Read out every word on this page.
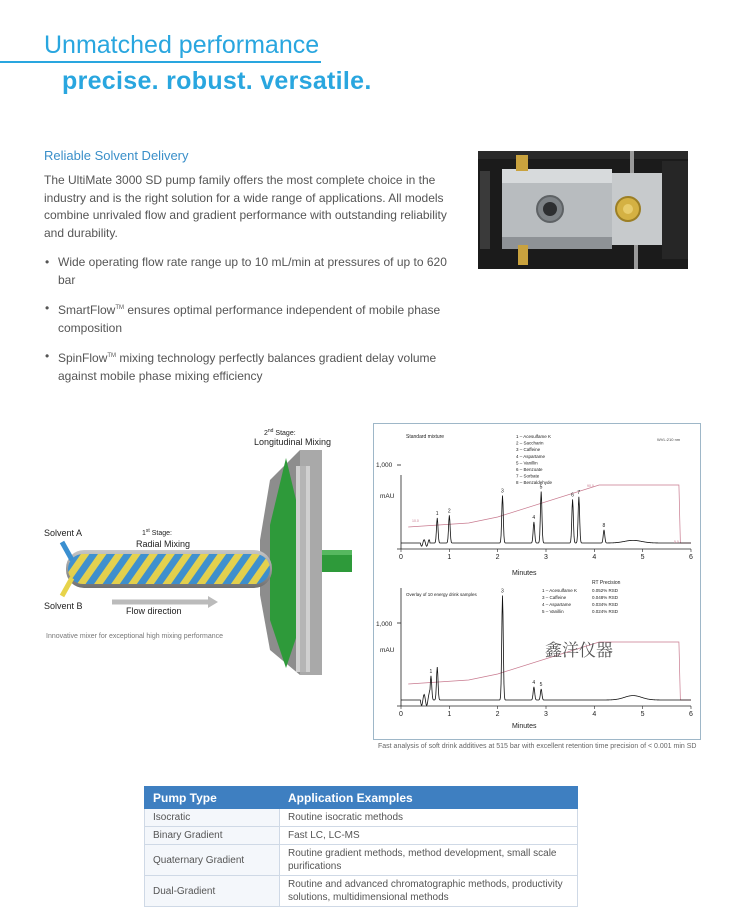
Unmatched performance
precise. robust. versatile.
Reliable Solvent Delivery
The UltiMate 3000 SD pump family offers the most complete choice in the industry and is the right solution for a wide range of applications. All models combine unrivaled flow and gradient performance with outstanding reliability and durability.
• Wide operating flow rate range up to 10 mL/min at pressures of up to 620 bar
• SmartFlow™ ensures optimal performance independent of mobile phase composition
• SpinFlow™ mixing technology perfectly balances gradient delay volume against mobile phase mixing efficiency
2nd Stage:
Longitudinal Mixing
1st Stage:
Radial Mixing
Solvent A
Solvent B	Flow direction
Innovative mixer for exceptional high mixing performance
Standard mixture	WVL:210 nm
1,000
mAU
Minutes
1 – Acesulfame K
2 – Saccharin
3 – Caffeine
4 – Aspartame
5 – Vanillin
6 – Benzoate
7 – Sorbate
8 – Benzaldehyde
0	1	2	3	4	5	6
1 2
3
4
5
6 7
8
90.0
10.0
5.0
Overlay of 10 energy drink samples
RT Precision
1,000
mAU
Minutes
1 – Acesulfame K	0.052% RSD
3 – Caffeine	0.048% RSD
4 – Aspartame	0.034% RSD
5 – Vanillin	0.024% RSD
0	1	2	3	4	5	6
1
3
4 5
Fast analysis of soft drink additives at 515 bar with excellent retention time precision of < 0.001 min SD
鑫洋仪器
Pump Type	Application Examples
Isocratic	Routine isocratic methods
Binary Gradient	Fast LC, LC-MS
Quaternary Gradient	Routine gradient methods, method development, small scale purifications
Dual-Gradient	Routine and advanced chromatographic methods, productivity solutions, multidimensional methods
